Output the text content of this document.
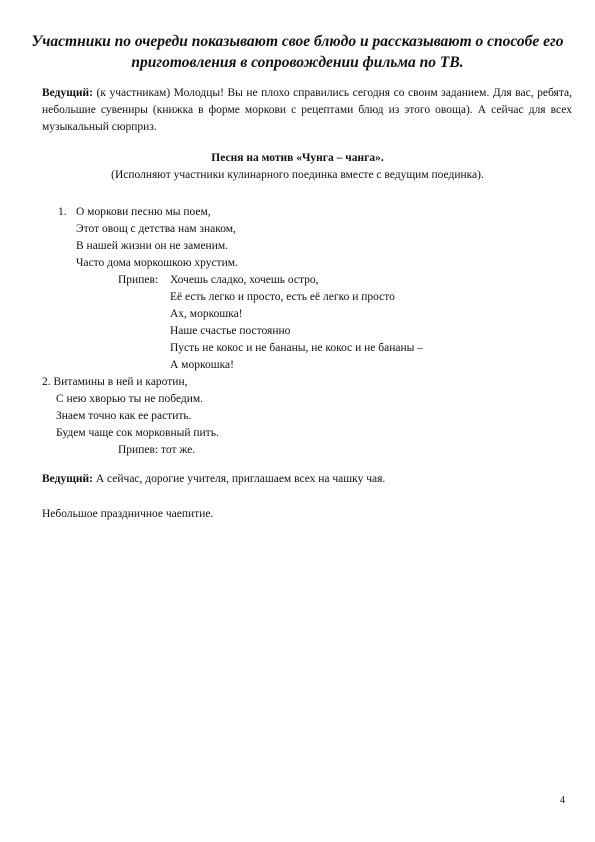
Участники по очереди показывают свое блюдо и рассказывают о способе его приготовления в сопровождении фильма по ТВ.

Ведущий: (к участникам) Молодцы! Вы не плохо справились сегодня со своим заданием. Для вас, ребята, небольшие сувениры (книжка в форме моркови с рецептами блюд из этого овоща). А сейчас для всех музыкальный сюрприз.

Песня на мотив «Чунга – чанга».

(Исполняют участники кулинарного поединка вместе с ведущим поединка).

1. О моркови песню мы поем,
Этот овощ с детства нам знаком,
В нашей жизни он не заменим.
Часто дома моркошкою хрустим.
Припев: Хочешь сладко, хочешь остро,
Её есть легко и просто, есть её легко и просто
Ах, моркошка!
Наше счастье постоянно
Пусть не кокос и не бананы, не кокос и не бананы –
А моркошка!
2. Витамины в ней и каротин,
С нею хворью ты не победим.
Знаем точно как ее растить.
Будем чаще сок морковный пить.
Припев: тот же.

Ведущий: А сейчас, дорогие учителя, приглашаем всех на чашку чая.

Небольшое праздничное чаепитие.

4
